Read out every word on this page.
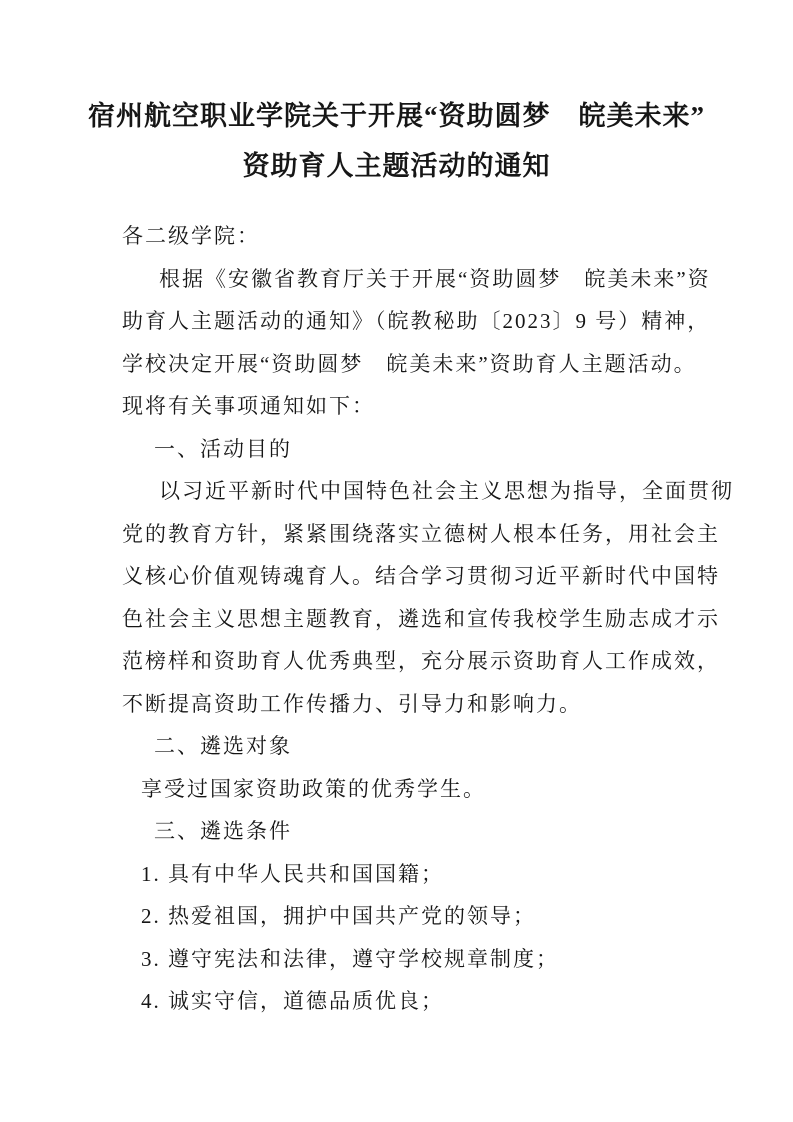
宿州航空职业学院关于开展“资助圆梦　皖美未来”
资助育人主题活动的通知
各二级学院：
根据《安徽省教育厅关于开展“资助圆梦　皖美未来”资
助育人主题活动的通知》（皖教秘助〔2023〕9 号）精神，
学校决定开展“资助圆梦　皖美未来”资助育人主题活动。
现将有关事项通知如下：
一、活动目的
以习近平新时代中国特色社会主义思想为指导，全面贯彻
党的教育方针，紧紧围绕落实立德树人根本任务，用社会主
义核心价值观铸魂育人。结合学习贯彻习近平新时代中国特
色社会主义思想主题教育，遴选和宣传我校学生励志成才示
范榜样和资助育人优秀典型，充分展示资助育人工作成效，
不断提高资助工作传播力、引导力和影响力。
二、遴选对象
享受过国家资助政策的优秀学生。
三、遴选条件
1. 具有中华人民共和国国籍；
2. 热爱祖国，拥护中国共产党的领导；
3. 遵守宪法和法律，遵守学校规章制度；
4. 诚实守信，道德品质优良；
